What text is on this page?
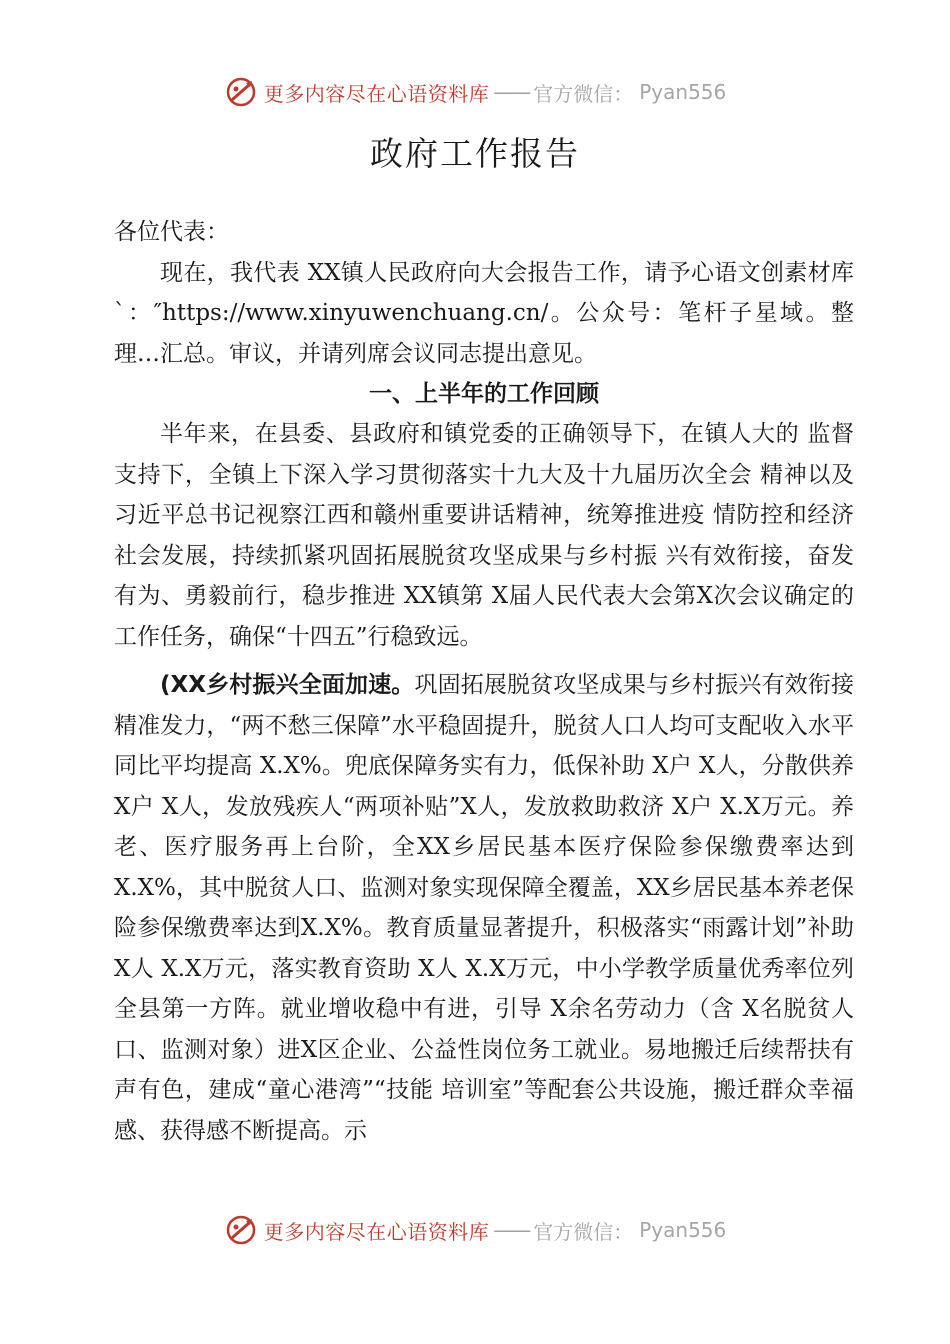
更多内容尽在心语资料库 —— 官方微信： Pyan556
政府工作报告

各位代表：

现在，我代表 XX镇人民政府向大会报告工作，请予心语文创素材库`：″https://www.xinyuwenchuang.cn/。公众号：笔杆子星域。整理…汇总。审议，并请列席会议同志提出意见。

一、上半年的工作回顾

半年来，在县委、县政府和镇党委的正确领导下，在镇人大的 监督支持下，全镇上下深入学习贯彻落实十九大及十九届历次全会 精神以及习近平总书记视察江西和赣州重要讲话精神，统筹推进疫 情防控和经济社会发展，持续抓紧巩固拓展脱贫攻坚成果与乡村振 兴有效衔接，奋发有为、勇毅前行，稳步推进 XX镇第 X届人民代表大会第X次会议确定的工作任务，确保“十四五”行稳致远。

(XX乡村振兴全面加速。巩固拓展脱贫攻坚成果与乡村振兴有效衔接精准发力，“两不愁三保障”水平稳固提升，脱贫人口人均可支配收入水平同比平均提高 X.X%。兜底保障务实有力，低保补助 X户 X人，分散供养 X户 X人，发放残疾人“两项补贴”X人，发放救助救济 X户 X.X万元。养老、医疗服务再上台阶，全XX乡居民基本医疗保险参保缴费率达到 X.X%，其中脱贫人口、监测对象实现保障全覆盖，XX乡居民基本养老保险参保缴费率达到X.X%。教育质量显著提升，积极落实“雨露计划”补助 X人 X.X万元，落实教育资助 X人 X.X万元，中小学教学质量优秀率位列全县第一方阵。就业增收稳中有进，引导 X余名劳动力（含 X名脱贫人口、监测对象）进X区企业、公益性岗位务工就业。易地搬迁后续帮扶有声有色，建成“童心港湾”“技能 培训室”等配套公共设施，搬迁群众幸福感、获得感不断提高。示

更多内容尽在心语资料库 —— 官方微信： Pyan556
